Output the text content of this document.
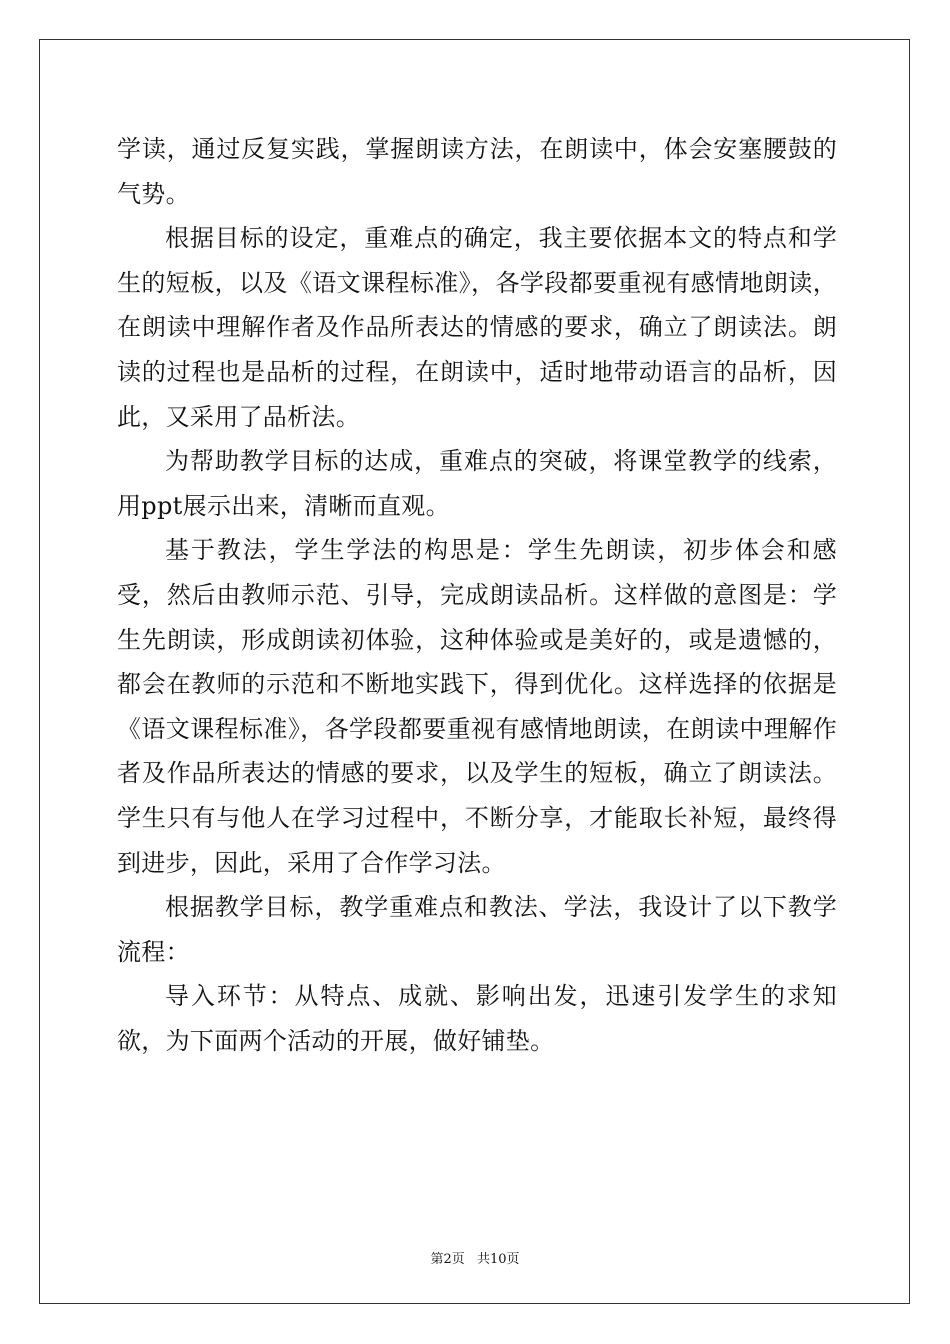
学读，通过反复实践，掌握朗读方法，在朗读中，体会安塞腰鼓的气势。

根据目标的设定，重难点的确定，我主要依据本文的特点和学生的短板，以及《语文课程标准》，各学段都要重视有感情地朗读，在朗读中理解作者及作品所表达的情感的要求，确立了朗读法。朗读的过程也是品析的过程，在朗读中，适时地带动语言的品析，因此，又采用了品析法。

为帮助教学目标的达成，重难点的突破，将课堂教学的线索，用ppt展示出来，清晰而直观。

基于教法，学生学法的构思是：学生先朗读，初步体会和感受，然后由教师示范、引导，完成朗读品析。这样做的意图是：学生先朗读，形成朗读初体验，这种体验或是美好的，或是遗憾的，都会在教师的示范和不断地实践下，得到优化。这样选择的依据是《语文课程标准》，各学段都要重视有感情地朗读，在朗读中理解作者及作品所表达的情感的要求，以及学生的短板，确立了朗读法。学生只有与他人在学习过程中，不断分享，才能取长补短，最终得到进步，因此，采用了合作学习法。

根据教学目标，教学重难点和教法、学法，我设计了以下教学流程：

导入环节：从特点、成就、影响出发，迅速引发学生的求知欲，为下面两个活动的开展，做好铺垫。

第2页 共10页
